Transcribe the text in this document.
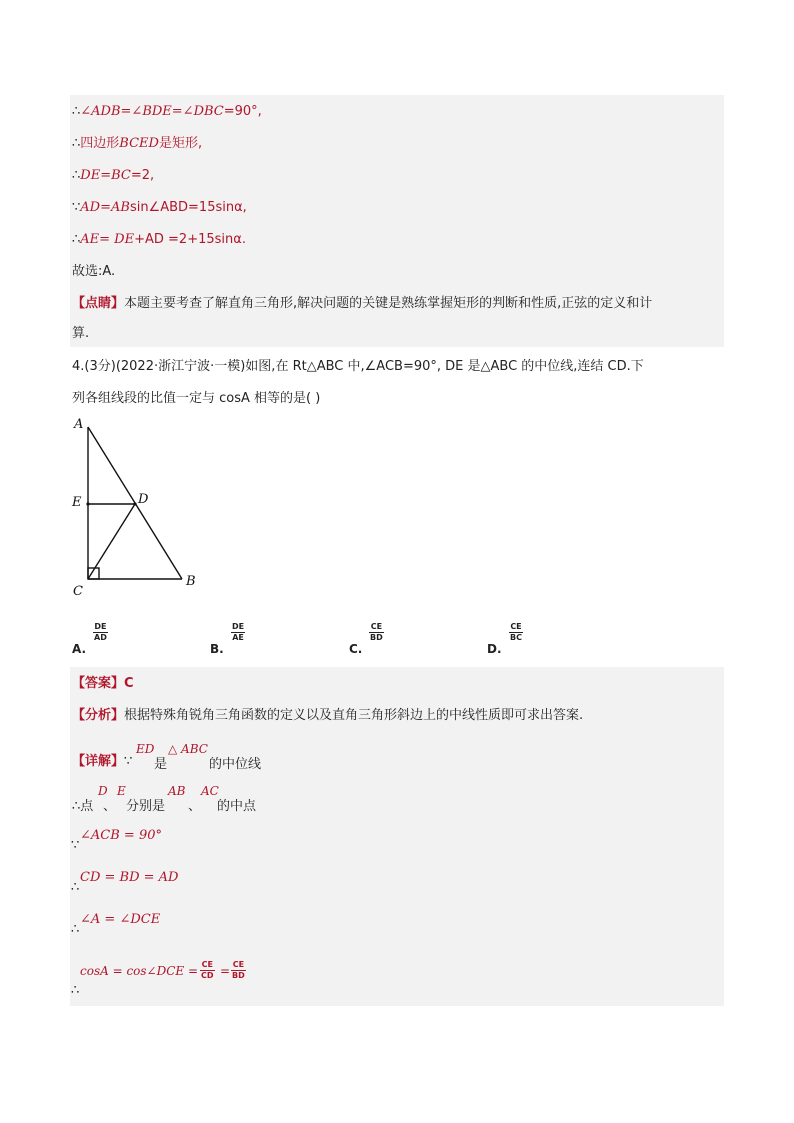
∴∠ADB=∠BDE=∠DBC=90°,
∴四边形BCED是矩形,
∴DE=BC=2,
∵AD=ABsin∠ABD=15sinα,
∴AE= DE+AD =2+15sinα.
故选:A.
【点睛】本题主要考查了解直角三角形,解决问题的关键是熟练掌握矩形的判断和性质,正弦的定义和计
算.
4.(3分)(2022·浙江宁波·一模)如图,在 Rt△ABC 中,∠ACB=90°, DE 是△ABC 的中位线,连结 CD.下
列各组线段的比值一定与 cosA 相等的是( )
A
E	D
C
B
A.
$\frac{DE}{AD}$
B.
$\frac{DE}{AE}$
C.
$\frac{CE}{BD}$
D.
$\frac{CE}{BC}$
【答案】C
【分析】根据特殊角锐角三角函数的定义以及直角三角形斜边上的中线性质即可求出答案.
【详解】∵
ED
是
△ ABC
的中位线
∴点
D
、
E
分别是
AB
、
AC
的中点
∠ACB = 90°
∵
CD = BD = AD
∴
∠A = ∠DCE
∴
cosA = cos∠DCE = $\frac{CE}{CD} = \frac{CE}{BD}$
∴
